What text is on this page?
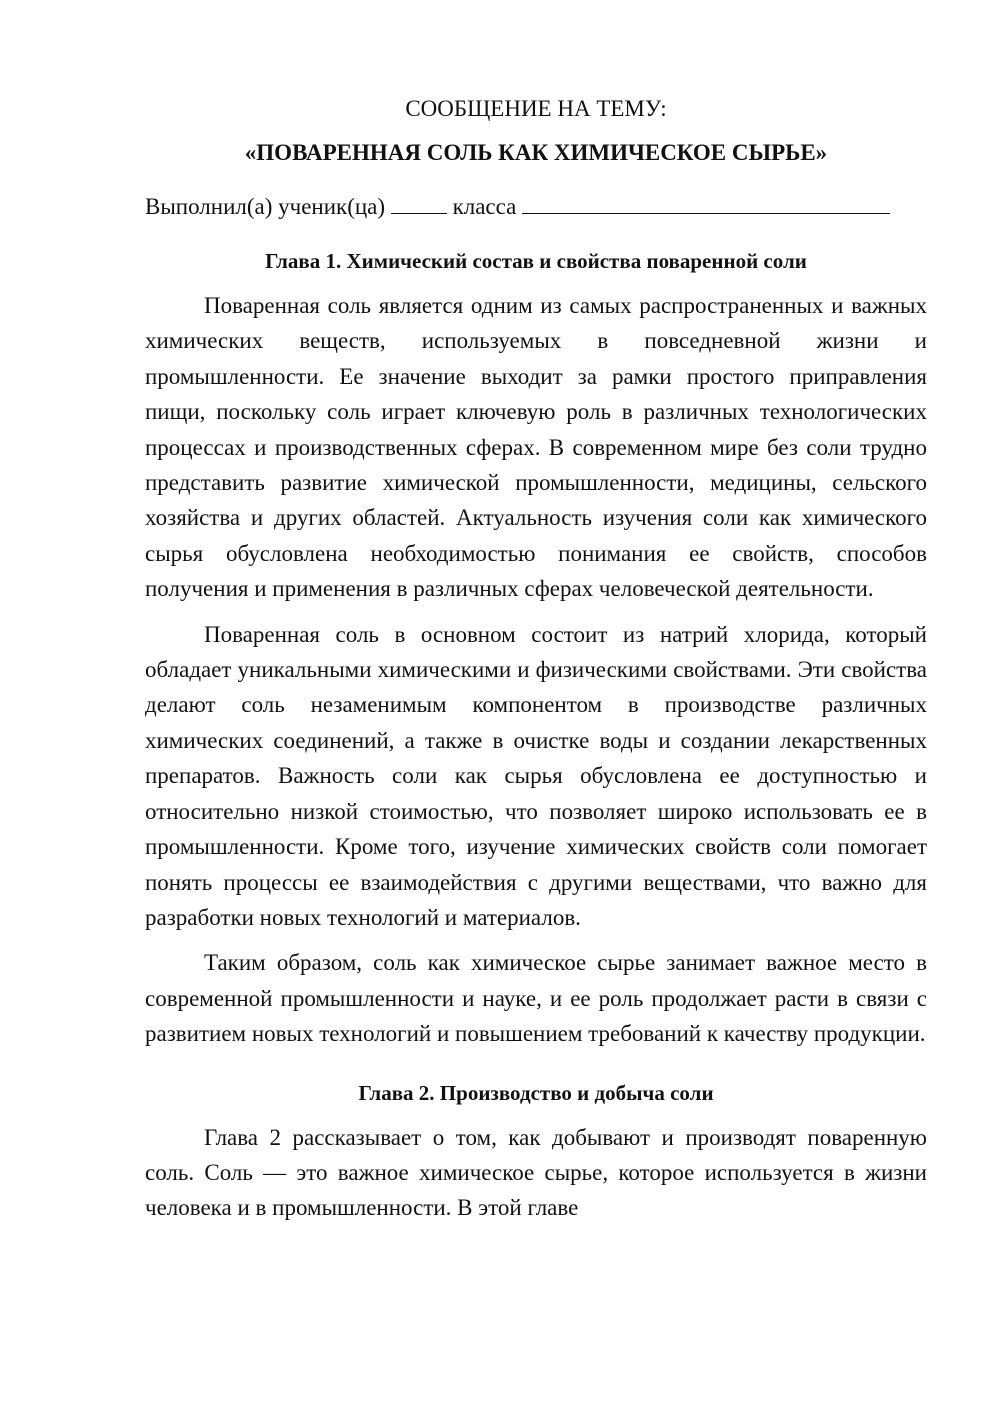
СООБЩЕНИЕ НА ТЕМУ:

«ПОВАРЕННАЯ СОЛЬ КАК ХИМИЧЕСКОЕ СЫРЬЕ»

Выполнил(а) ученик(ца)	класса

Глава 1. Химический состав и свойства поваренной соли

Поваренная соль является одним из самых распространенных и важных химических веществ, используемых в повседневной жизни и промышленности. Ее значение выходит за рамки простого приправления пищи, поскольку соль играет ключевую роль в различных технологических процессах и производственных сферах. В современном мире без соли трудно представить развитие химической промышленности, медицины, сельского хозяйства и других областей. Актуальность изучения соли как химического сырья обусловлена необходимостью понимания ее свойств, способов получения и применения в различных сферах человеческой деятельности.

Поваренная соль в основном состоит из натрий хлорида, который обладает уникальными химическими и физическими свойствами. Эти свойства делают соль незаменимым компонентом в производстве различных химических соединений, а также в очистке воды и создании лекарственных препаратов. Важность соли как сырья обусловлена ее доступностью и относительно низкой стоимостью, что позволяет широко использовать ее в промышленности. Кроме того, изучение химических свойств соли помогает понять процессы ее взаимодействия с другими веществами, что важно для разработки новых технологий и материалов.

Таким образом, соль как химическое сырье занимает важное место в современной промышленности и науке, и ее роль продолжает расти в связи с развитием новых технологий и повышением требований к качеству продукции.

Глава 2. Производство и добыча соли

Глава 2 рассказывает о том, как добывают и производят поваренную соль. Соль — это важное химическое сырье, которое используется в жизни человека и в промышленности. В этой главе
